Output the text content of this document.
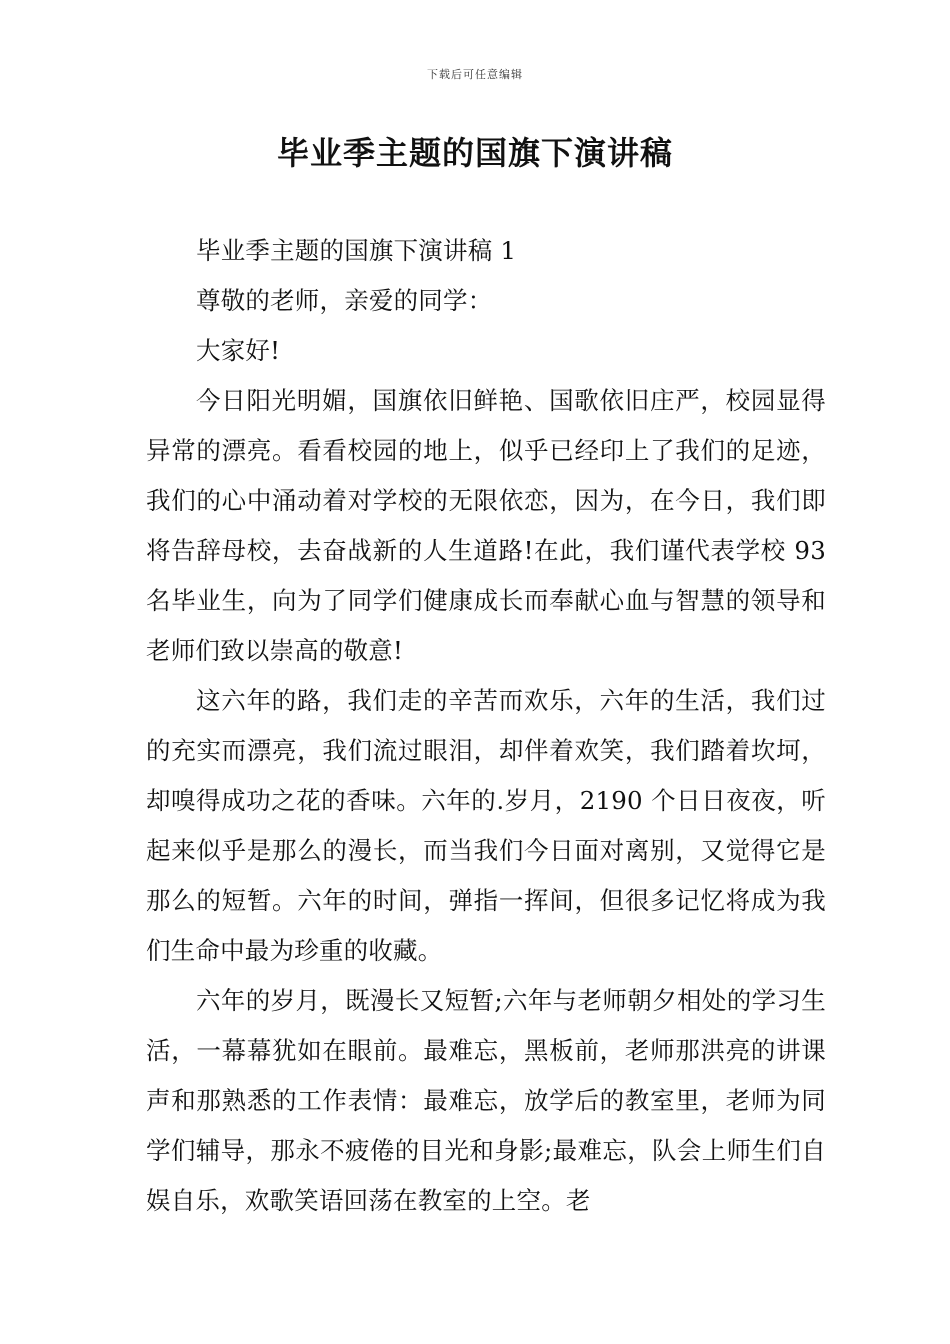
下载后可任意编辑
毕业季主题的国旗下演讲稿

毕业季主题的国旗下演讲稿 1

尊敬的老师，亲爱的同学：

大家好!

今日阳光明媚，国旗依旧鲜艳、国歌依旧庄严，校园显得异常的漂亮。看看校园的地上，似乎已经印上了我们的足迹，我们的心中涌动着对学校的无限依恋，因为，在今日，我们即将告辞母校，去奋战新的人生道路!在此，我们谨代表学校 93 名毕业生，向为了同学们健康成长而奉献心血与智慧的领导和老师们致以崇高的敬意!

这六年的路，我们走的辛苦而欢乐，六年的生活，我们过的充实而漂亮，我们流过眼泪，却伴着欢笑，我们踏着坎坷，却嗅得成功之花的香味。六年的.岁月，2190 个日日夜夜，听起来似乎是那么的漫长，而当我们今日面对离别，又觉得它是那么的短暂。六年的时间，弹指一挥间，但很多记忆将成为我们生命中最为珍重的收藏。

六年的岁月，既漫长又短暂;六年与老师朝夕相处的学习生活，一幕幕犹如在眼前。最难忘，黑板前，老师那洪亮的讲课声和那熟悉的工作表情：最难忘，放学后的教室里，老师为同学们辅导，那永不疲倦的目光和身影;最难忘，队会上师生们自娱自乐，欢歌笑语回荡在教室的上空。老
